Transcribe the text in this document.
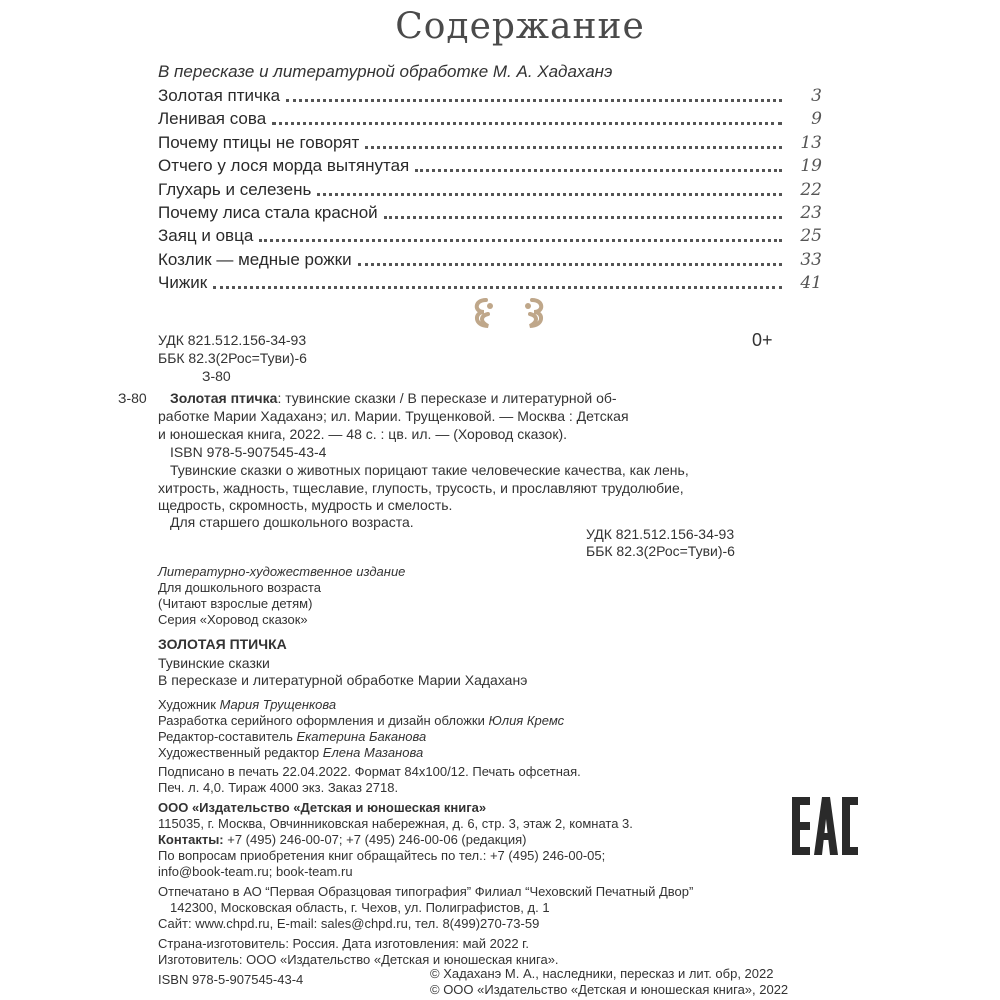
Содержание
В пересказе и литературной обработке М. А. Хадаханэ
Золотая птичка	3
Ленивая сова	9
Почему птицы не говорят	13
Отчего у лося морда вытянутая	19
Глухарь и селезень	22
Почему лиса стала красной	23
Заяц и овца	25
Козлик — медные рожки	33
Чижик	41
УДК 821.512.156-34-93
ББК 82.3(2Рос=Туви)-6
З-80
0+
З-80 Золотая птичка: тувинские сказки / В пересказе и литературной об-
работке Марии Хадаханэ; ил. Марии. Трущенковой. — Москва : Детская
и юношеская книга, 2022. — 48 с. : цв. ил. — (Хоровод сказок).
ISBN 978-5-907545-43-4
Тувинские сказки о животных порицают такие человеческие качества, как лень,
хитрость, жадность, тщеславие, глупость, трусость, и прославляют трудолюбие,
щедрость, скромность, мудрость и смелость.
Для старшего дошкольного возраста.
УДК 821.512.156-34-93
ББК 82.3(2Рос=Туви)-6
Литературно-художественное издание
Для дошкольного возраста
(Читают взрослые детям)
Серия «Хоровод сказок»
ЗОЛОТАЯ ПТИЧКА
Тувинские сказки
В пересказе и литературной обработке Марии Хадаханэ
Художник Мария Трущенкова
Разработка серийного оформления и дизайн обложки Юлия Кремс
Редактор-составитель Екатерина Баканова
Художественный редактор Елена Мазанова
Подписано в печать 22.04.2022. Формат 84x100/12. Печать офсетная.
Печ. л. 4,0. Тираж 4000 экз. Заказ 2718.
ООО «Издательство «Детская и юношеская книга»
115035, г. Москва, Овчинниковская набережная, д. 6, стр. 3, этаж 2, комната 3.
Контакты: +7 (495) 246-00-07; +7 (495) 246-00-06 (редакция)
По вопросам приобретения книг обращайтесь по тел.: +7 (495) 246-00-05;
info@book-team.ru; book-team.ru
Отпечатано в АО “Первая Образцовая типография” Филиал “Чеховский Печатный Двор”
142300, Московская область, г. Чехов, ул. Полиграфистов, д. 1
Сайт: www.chpd.ru, E-mail: sales@chpd.ru, тел. 8(499)270-73-59
Страна-изготовитель: Россия. Дата изготовления: май 2022 г.
Изготовитель: ООО «Издательство «Детская и юношеская книга».
ISBN 978-5-907545-43-4	© Хадаханэ М. А., наследники, пересказ и лит. обр, 2022
© ООО «Издательство «Детская и юношеская книга», 2022
